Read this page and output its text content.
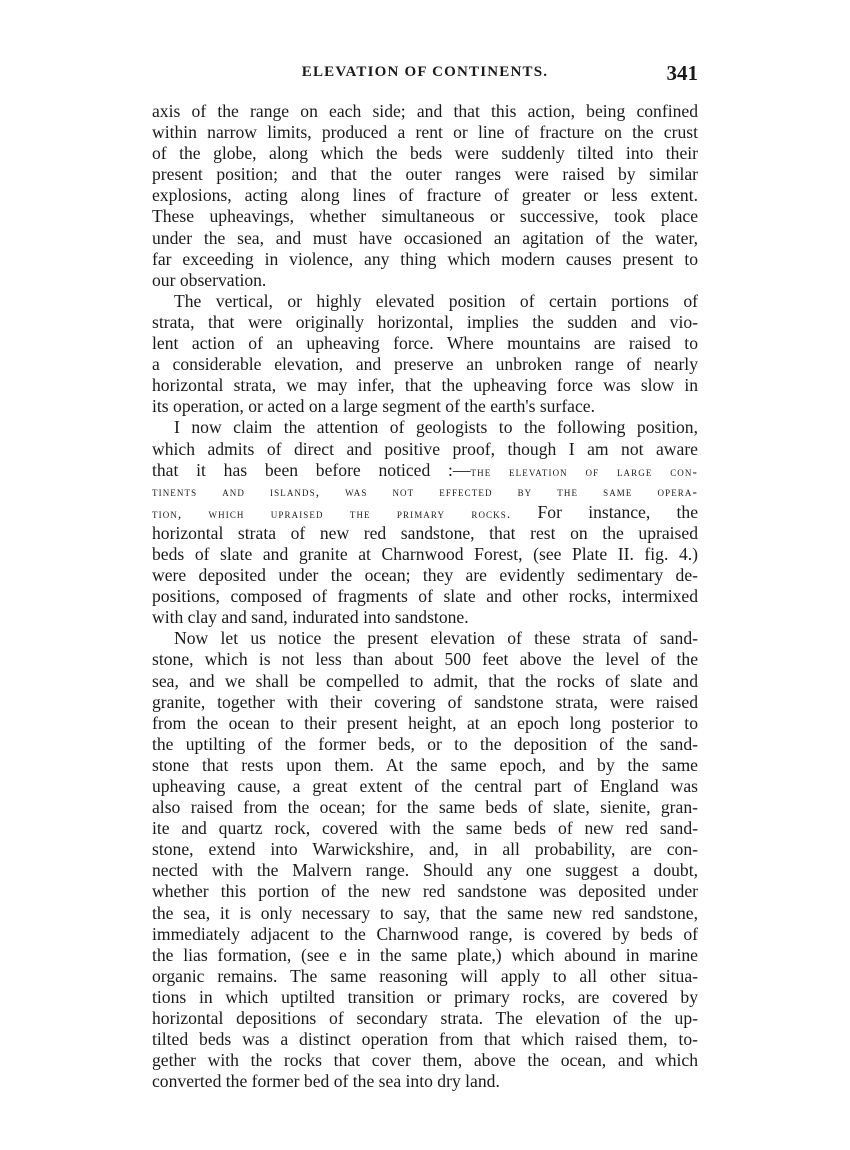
ELEVATION OF CONTINENTS.	341
axis of the range on each side; and that this action, being confined
within narrow limits, produced a rent or line of fracture on the crust
of the globe, along which the beds were suddenly tilted into their
present position; and that the outer ranges were raised by similar
explosions, acting along lines of fracture of greater or less extent.
These upheavings, whether simultaneous or successive, took place
under the sea, and must have occasioned an agitation of the water,
far exceeding in violence, any thing which modern causes present to
our observation.
The vertical, or highly elevated position of certain portions of
strata, that were originally horizontal, implies the sudden and vio-
lent action of an upheaving force. Where mountains are raised to
a considerable elevation, and preserve an unbroken range of nearly
horizontal strata, we may infer, that the upheaving force was slow in
its operation, or acted on a large segment of the earth's surface.
I now claim the attention of geologists to the following position,
which admits of direct and positive proof, though I am not aware
that it has been before noticed :—the elevation of large con-
tinents and islands, was not effected by the same opera-
tion, which upraised the primary rocks. For instance, the
horizontal strata of new red sandstone, that rest on the upraised
beds of slate and granite at Charnwood Forest, (see Plate II. fig. 4.)
were deposited under the ocean; they are evidently sedimentary de-
positions, composed of fragments of slate and other rocks, intermixed
with clay and sand, indurated into sandstone.
Now let us notice the present elevation of these strata of sand-
stone, which is not less than about 500 feet above the level of the
sea, and we shall be compelled to admit, that the rocks of slate and
granite, together with their covering of sandstone strata, were raised
from the ocean to their present height, at an epoch long posterior to
the uptilting of the former beds, or to the deposition of the sand-
stone that rests upon them. At the same epoch, and by the same
upheaving cause, a great extent of the central part of England was
also raised from the ocean; for the same beds of slate, sienite, gran-
ite and quartz rock, covered with the same beds of new red sand-
stone, extend into Warwickshire, and, in all probability, are con-
nected with the Malvern range. Should any one suggest a doubt,
whether this portion of the new red sandstone was deposited under
the sea, it is only necessary to say, that the same new red sandstone,
immediately adjacent to the Charnwood range, is covered by beds of
the lias formation, (see e in the same plate,) which abound in marine
organic remains. The same reasoning will apply to all other situa-
tions in which uptilted transition or primary rocks, are covered by
horizontal depositions of secondary strata. The elevation of the up-
tilted beds was a distinct operation from that which raised them, to-
gether with the rocks that cover them, above the ocean, and which
converted the former bed of the sea into dry land.
